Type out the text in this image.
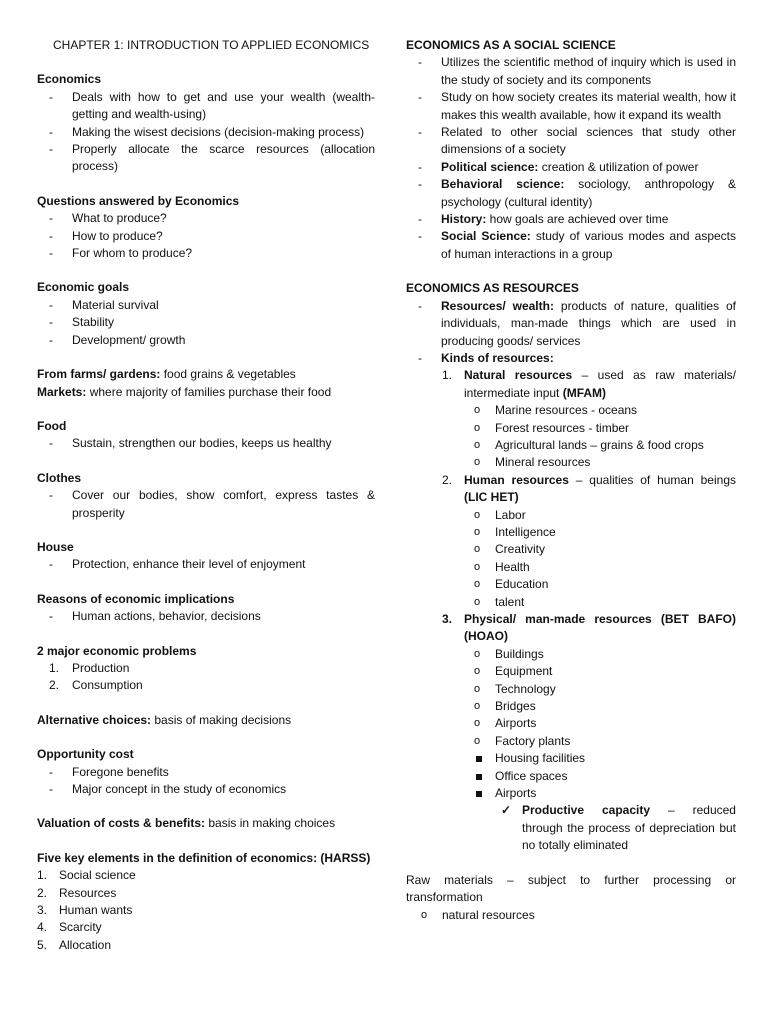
CHAPTER 1: INTRODUCTION TO APPLIED ECONOMICS
Economics
- Deals with how to get and use your wealth (wealth-getting and wealth-using)
- Making the wisest decisions (decision-making process)
- Properly allocate the scarce resources (allocation process)
Questions answered by Economics
- What to produce?
- How to produce?
- For whom to produce?
Economic goals
- Material survival
- Stability
- Development/ growth
From farms/ gardens: food grains & vegetables
Markets: where majority of families purchase their food
Food
- Sustain, strengthen our bodies, keeps us healthy
Clothes
- Cover our bodies, show comfort, express tastes & prosperity
House
- Protection, enhance their level of enjoyment
Reasons of economic implications
- Human actions, behavior, decisions
2 major economic problems
1. Production
2. Consumption
Alternative choices: basis of making decisions
Opportunity cost
- Foregone benefits
- Major concept in the study of economics
Valuation of costs & benefits: basis in making choices
Five key elements in the definition of economics: (HARSS)
1. Social science
2. Resources
3. Human wants
4. Scarcity
5. Allocation
ECONOMICS AS A SOCIAL SCIENCE
- Utilizes the scientific method of inquiry which is used in the study of society and its components
- Study on how society creates its material wealth, how it makes this wealth available, how it expand its wealth
- Related to other social sciences that study other dimensions of a society
- Political science: creation & utilization of power
- Behavioral science: sociology, anthropology & psychology (cultural identity)
- History: how goals are achieved over time
- Social Science: study of various modes and aspects of human interactions in a group
ECONOMICS AS RESOURCES
- Resources/ wealth: products of nature, qualities of individuals, man-made things which are used in producing goods/ services
- Kinds of resources:
1. Natural resources – used as raw materials/ intermediate input (MFAM)
o Marine resources - oceans
o Forest resources - timber
o Agricultural lands – grains & food crops
o Mineral resources
2. Human resources – qualities of human beings (LIC HET)
o Labor
o Intelligence
o Creativity
o Health
o Education
o talent
3. Physical/ man-made resources (BET BAFO) (HOAO)
o Buildings
o Equipment
o Technology
o Bridges
o Airports
o Factory plants
Housing facilities
Office spaces
Airports
✓ Productive capacity – reduced through the process of depreciation but no totally eliminated
Raw materials – subject to further processing or transformation
o natural resources
